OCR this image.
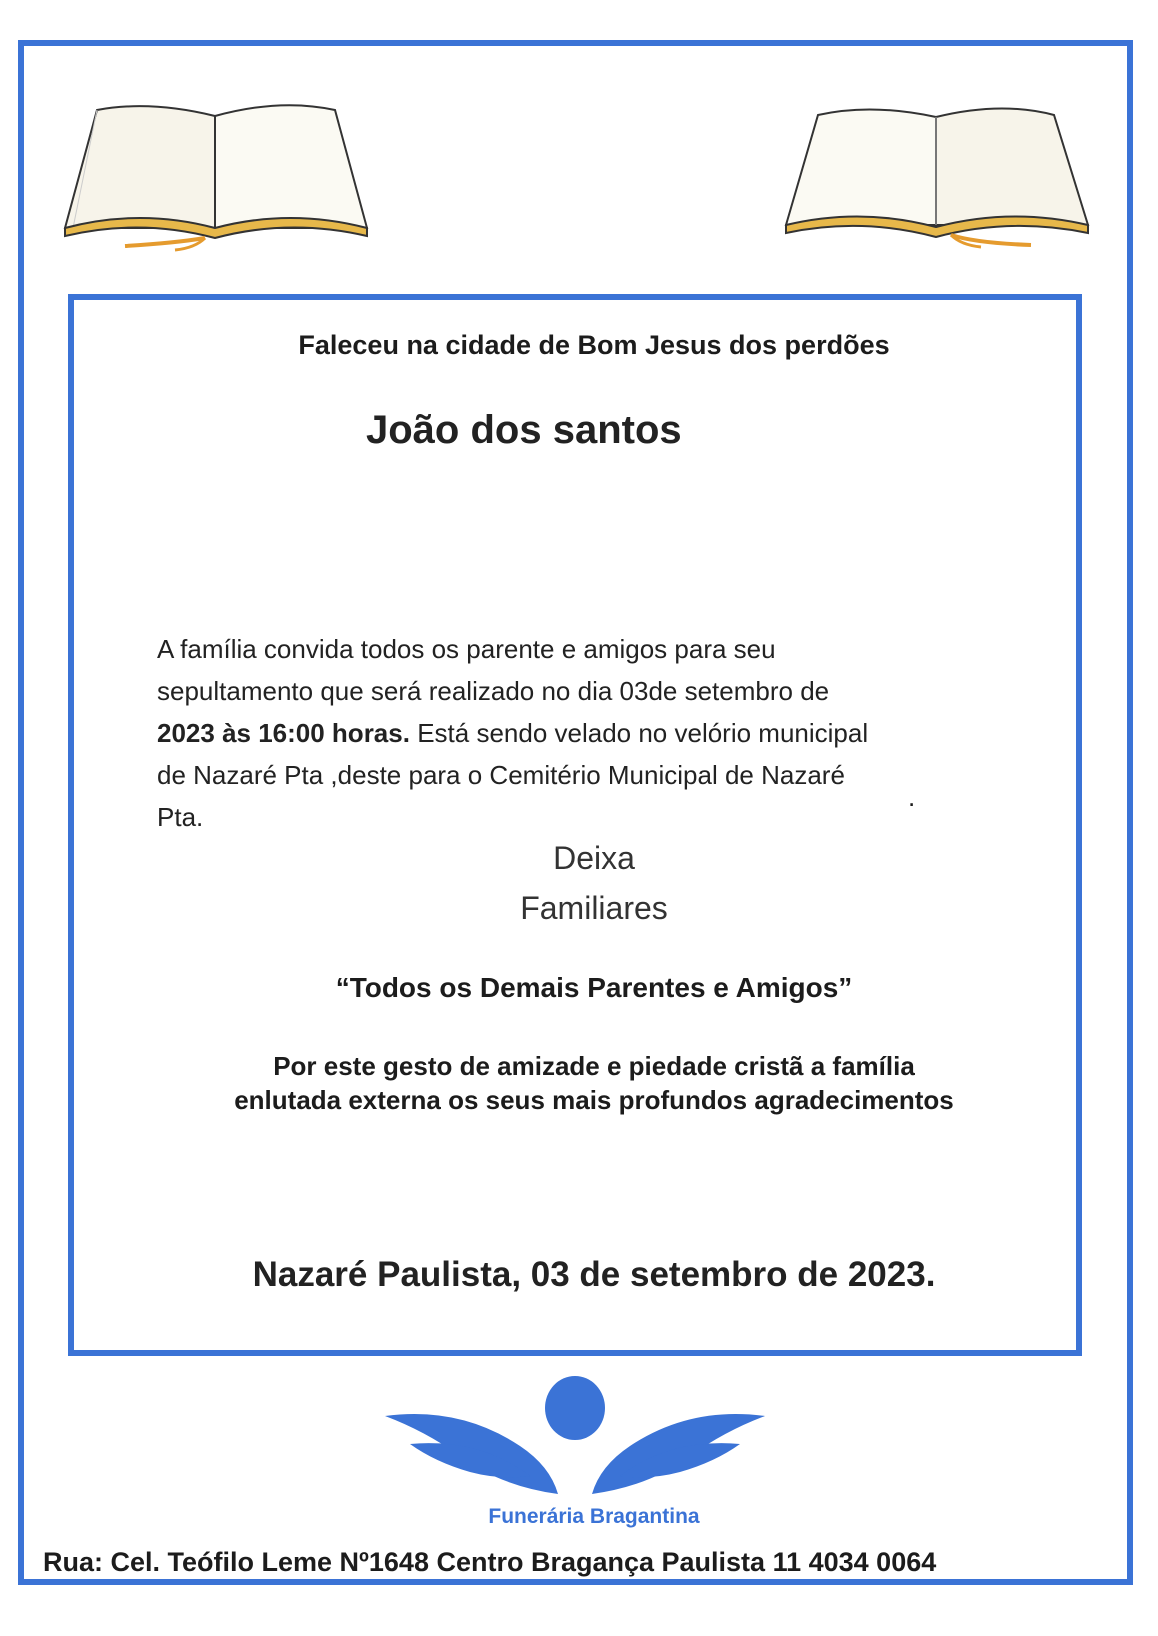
Faleceu na cidade de Bom Jesus dos perdões

João dos santos

A família convida todos os parente e amigos para seu

sepultamento que será realizado no dia 03de setembro de

2023 às 16:00 horas. Está sendo velado no velório municipal

de Nazaré Pta ,deste para o Cemitério Municipal de Nazaré

Pta.

.

Deixa

Familiares

“Todos os Demais Parentes e Amigos”

Por este gesto de amizade e piedade cristã a família

enlutada externa os seus mais profundos agradecimentos

Nazaré Paulista, 03 de setembro de 2023.

Funerária Bragantina

Rua: Cel. Teófilo Leme Nº1648 Centro Bragança Paulista 11 4034 0064
